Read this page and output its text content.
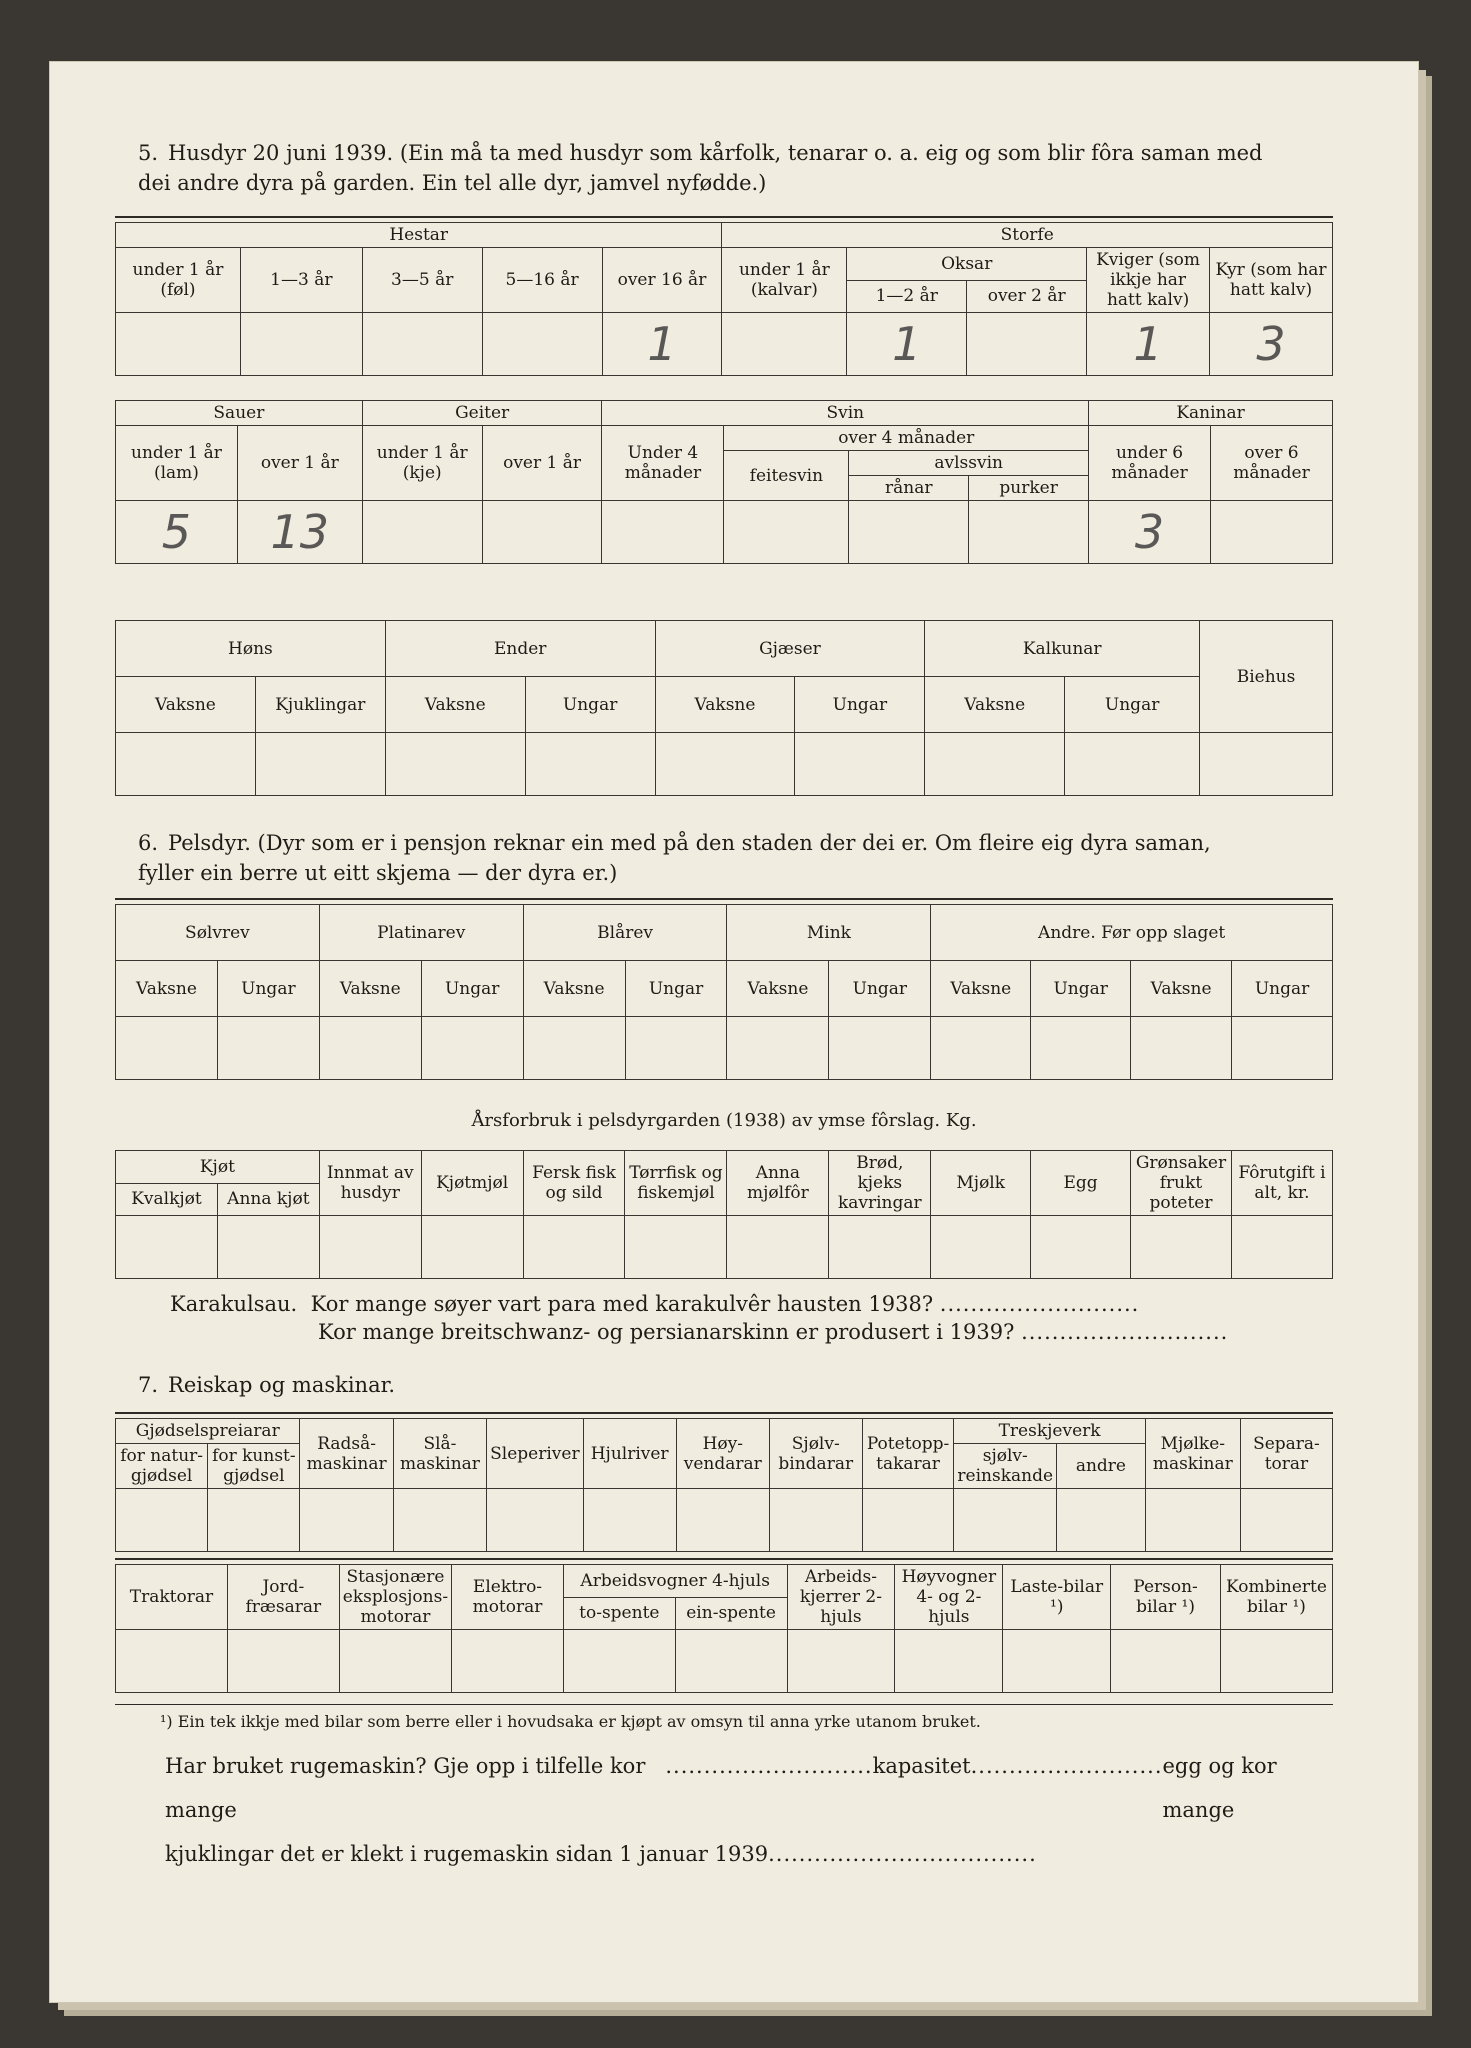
5. Husdyr 20 juni 1939. (Ein må ta med husdyr som kårfolk, tenarar o. a. eig og som blir fôra saman med
dei andre dyra på garden. Ein tel alle dyr, jamvel nyfødde.)
Hestar					Storfe				
under 1 år (føl)	1—3 år	3—5 år	5—16 år	over 16 år	under 1 år (kalvar)	Oksar		Kviger (som ikkje har hatt kalv)	Kyr (som har hatt kalv)
						1—2 år	over 2 år		
				1		1		1	3
Sauer		Geiter		Svin				Kaninar	
under 1 år (lam)	over 1 år	under 1 år (kje)	over 1 år	Under 4 månader	over 4 månader			under 6 månader	over 6 månader
					feitesvin	avlssvin			
						rånar	purker		
5	13							3	
Høns		Ender		Gjæser		Kalkunar		Biehus
Vaksne	Kjuklingar	Vaksne	Ungar	Vaksne	Ungar	Vaksne	Ungar	

6. Pelsdyr. (Dyr som er i pensjon reknar ein med på den staden der dei er. Om fleire eig dyra saman,
fyller ein berre ut eitt skjema — der dyra er.)
Sølvrev		Platinarev		Blårev		Mink		Andre. Før opp slaget			
Vaksne	Ungar	Vaksne	Ungar	Vaksne	Ungar	Vaksne	Ungar	Vaksne	Ungar	Vaksne	Ungar

Årsforbruk i pelsdyrgarden (1938) av ymse fôrslag. Kg.
Kjøt		Innmat av husdyr	Kjøtmjøl	Fersk fisk og sild	Tørrfisk og fiskemjøl	Anna mjølfôr	Brød, kjeks kavringar	Mjølk	Egg	Grønsaker frukt poteter	Fôrutgift i alt, kr.
Kvalkjøt	Anna kjøt										

Karakulsau. Kor mange søyer vart para med karakulvêr hausten 1938? ..........................
Kor mange breitschwanz- og persianarskinn er produsert i 1939? ...........................
7. Reiskap og maskinar.
Gjødselspreiarar		Radså-maskinar	Slå-maskinar	Sleperiver	Hjulriver	Høy-vendarar	Sjølv-bindarar	Potetopp-takarar	Treskjeverk		Mjølke-maskinar	Separa-torar
for natur-gjødsel	for kunst-gjødsel								sjølv-reinskande	andre		

Traktorar	Jord-fræsarar	Stasjonære eksplosjons-motorar	Elektro-motorar	Arbeidsvogner 4-hjuls		Arbeids-kjerrer 2-hjuls	Høyvogner 4- og 2-hjuls	Laste-bilar ¹)	Person-bilar ¹)	Kombinerte bilar ¹)
				to-spente	ein-spente					

¹) Ein tek ikkje med bilar som berre eller i hovudsaka er kjøpt av omsyn til anna yrke utanom bruket.
Har bruket rugemaskin? Gje opp i tilfelle kor mange
........................... kapasitet ......................... egg og kor mange
kjuklingar det er klekt i rugemaskin sidan 1 januar 1939...................................
